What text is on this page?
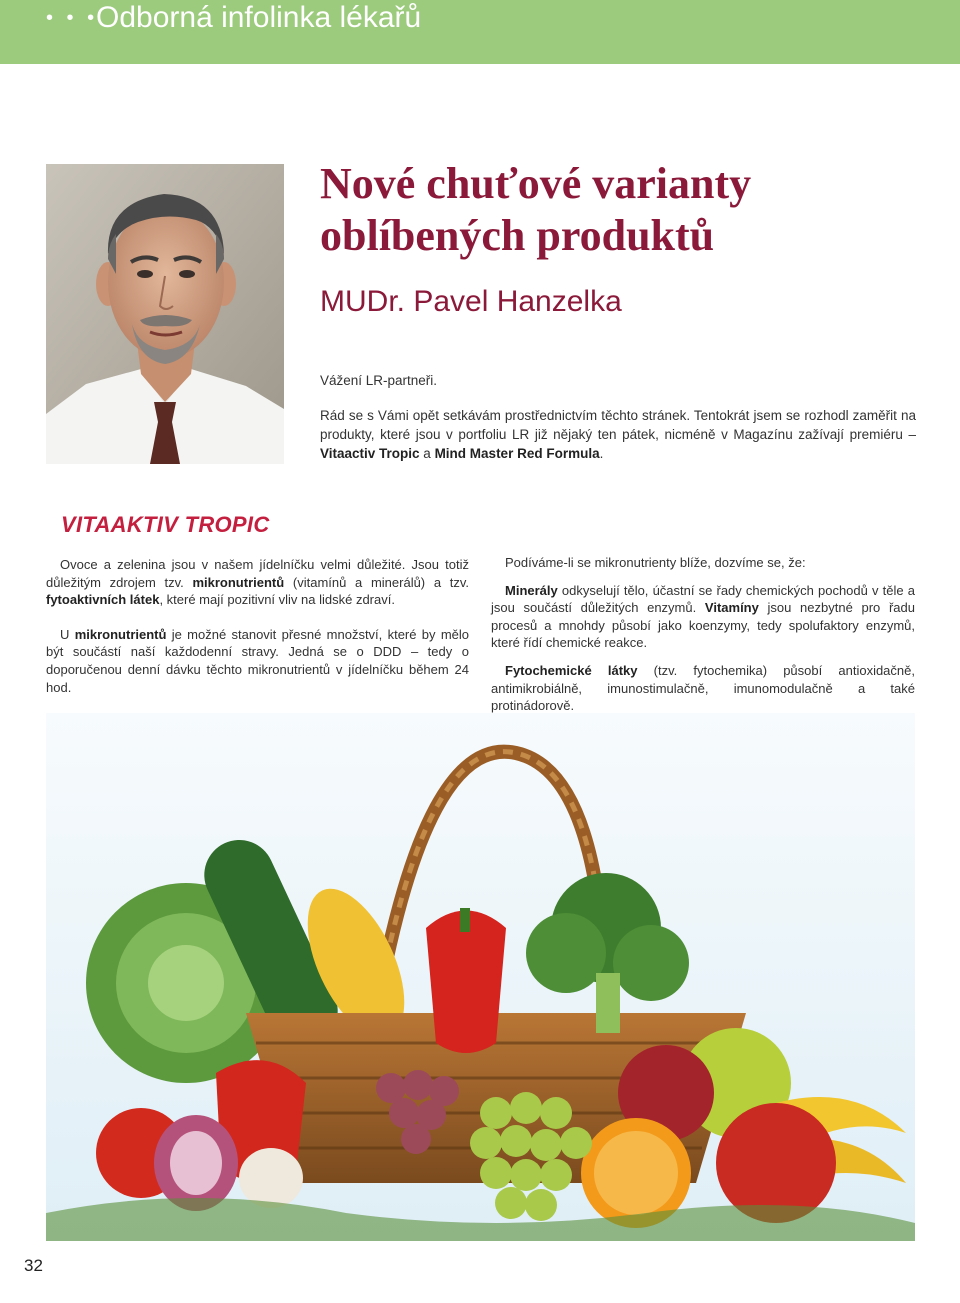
• • •
Odborná infolinka lékařů
Nové chuťové varianty
oblíbených produktů
MUDr. Pavel Hanzelka
Vážení LR-partneři.

Rád se s Vámi opět setkávám prostřednictvím těchto stránek. Tentokrát jsem se rozhodl zaměřit na produkty, které jsou v portfoliu LR již nějaký ten pátek, nicméně v Magazínu zažívají premiéru – Vitaactiv Tropic a Mind Master Red Formula.

VITAAKTIV TROPIC

Ovoce a zelenina jsou v našem jídelníčku velmi důležité. Jsou totiž důležitým zdrojem tzv. mikronutrientů (vitamínů a minerálů) a tzv. fytoaktivních látek, které mají pozitivní vliv na lidské zdraví.

U mikronutrientů je možné stanovit přesné množství, které by mělo být součástí naší každodenní stravy. Jedná se o DDD – tedy o doporučenou denní dávku těchto mikronutrientů v jídelníčku během 24 hod.

Podíváme-li se mikronutrienty blíže, dozvíme se, že:

Minerály odkyselují tělo, účastní se řady chemických pochodů v těle a jsou součástí důležitých enzymů. Vitamíny jsou nezbytné pro řadu procesů a mnohdy působí jako koenzymy, tedy spolufaktory enzymů, které řídí chemické reakce.

Fytochemické látky (tzv. fytochemika) působí antioxidačně, antimikrobiálně, imunostimulačně, imunomodulačně a také protinádorově.

32
